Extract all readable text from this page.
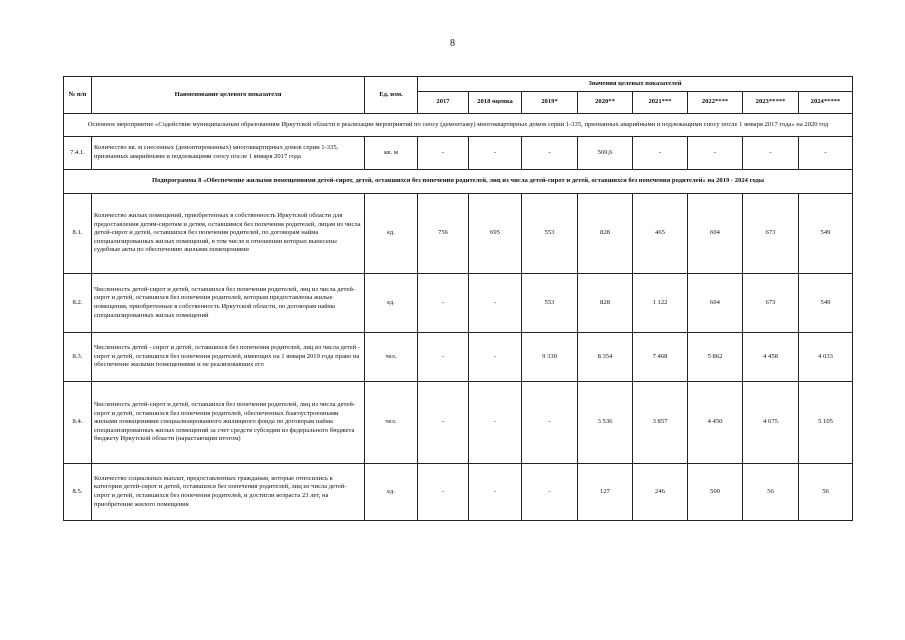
8
№ п/п	Наименование целевого показателя	Ед. изм.	Значения целевых показателей							
			2017	2018 оценка	2019*	2020**	2021***	2022****	2023*****	2024*****
Основное мероприятие «Содействие муниципальным образованиям Иркутской области в реализации мероприятий по сносу (демонтажу) многоквартирных домов серии 1-335, признанных аварийными и подлежащими сносу после 1 января 2017 года» на 2020 год										
7.4.1.	Количество кв. м снесенных (демонтированных) многоквартирных домов серии 1-335, признанных аварийными и подлежащими сносу после 1 января 2017 года	кв. м	-	-	-	569,6	-	-	-	-
Подпрограмма 8 «Обеспечение жилыми помещениями детей-сирот, детей, оставшихся без попечения родителей, лиц из числа детей-сирот и детей, оставшихся без попечения родителей» на 2019 - 2024 годы										
8.1.	Количество жилых помещений, приобретенных в собственность Иркутской области для предоставления детям-сиротам и детям, оставшимся без попечения родителей, лицам из числа детей-сирот и детей, оставшихся без попечения родителей, по договорам найма специализированных жилых помещений, в том числе в отношении которых вынесены судебные акты по обеспечению жилыми помещениями	ед.	756	695	553	828	465	604	673	549
8.2.	Численность детей-сирот и детей, оставшихся без попечения родителей, лиц из числа детей-сирот и детей, оставшихся без попечения родителей, которым предоставлены жилые помещения, приобретенные в собственность Иркутской области, по договорам найма специализированных жилых помещений	ед.	-	-	553	828	1 122	604	673	549
8.3.	Численность детей - сирот и детей, оставшихся без попечения родителей, лиц из числа детей - сирот и детей, оставшихся без попечения родителей, имеющих на 1 января 2019 года право на обеспечение жилыми помещениями и не реализовавших его	чел.	-	-	9 330	8 354	7 468	5 862	4 458	4 033
8.4.	Численность детей-сирот и детей, оставшихся без попечения родителей, лиц из числа детей-сирот и детей, оставшихся без попечения родителей, обеспеченных благоустроенными жилыми помещениями специализированного жилищного фонда по договорам найма специализированных жилых помещений за счет средств субсидии из федерального бюджета бюджету Иркутской области (нарастающим итогом)	чел.	-	-	-	3 536	3 857	4 450	4 675	5 105
8.5.	Количество социальных выплат, предоставленных гражданам, которые относились к категории детей-сирот и детей, оставшихся без попечения родителей, лиц из числа детей-сирот и детей, оставшихся без попечения родителей, и достигли возраста 23 лет, на приобретение жилого помещения	ед.	-	-	-	127	246	500	56	56
